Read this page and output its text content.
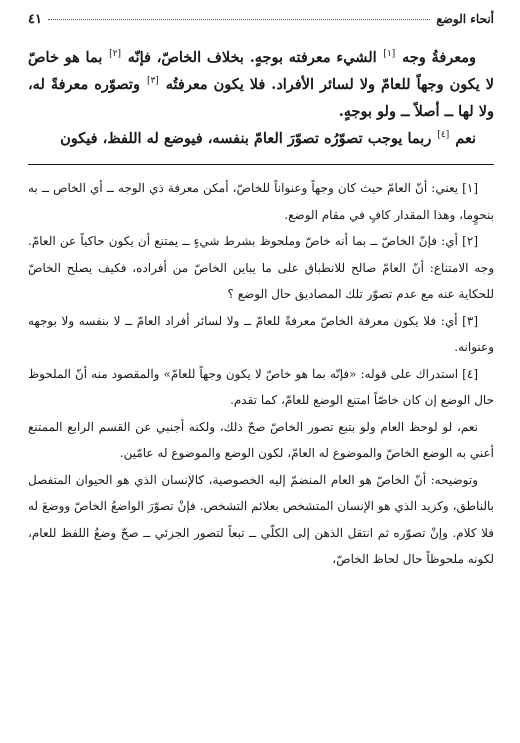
أنحاء الوضع
٤١

ومعرفةُ وجه [١] الشيء معرفته بوجهٍ. بخلاف الخاصّ، فإنّه [٢] بما هو خاصّ لا يكون وجهاً للعامّ ولا لسائر الأفراد. فلا يكون معرفتُه [٣] وتصوّره معرفةً له، ولا لها ــ أصلاً ــ ولو بوجهٍ.

نعم [٤] ربما يوجب تصوّرُه تصوّرَ العامّ بنفسه، فيوضع له اللفظ، فيكون

[١] يعني: أنّ العامّ حيث كان وجهاً وعنواناً للخاصّ، أمكن معرفة ذي الوجه ــ أي الخاص ــ به بنحوٍما، وهذا المقدار كافٍ في مقام الوضع.

[٢] أي: فإنّ الخاصّ ــ بما أنه خاصّ وملحوظ بشرط شيءٍ ــ يمتنع أن يكون حاكياً عن العامّ. وجه الامتناع: أنّ العامّ صالح للانطباق على ما يباين الخاصّ من أفراده، فكيف يصلح الخاصّ للحكاية عنه مع عدم تصوّر تلك المصاديق حال الوضع ؟

[٣] أي: فلا يكون معرفة الخاصّ معرفةً للعامّ ــ ولا لسائر أفراد العامّ ــ لا بنفسه ولا بوجهه وعنوانه.

[٤] استدراك على قوله: «فإنّه بما هو خاصّ لا يكون وجهاً للعامّ» والمقصود منه أنّ الملحوظ حال الوضع إن كان خاصّاً امتنع الوضع للعامّ، كما تقدم.

نعم، لو لوحظ العام ولو بتبع تصور الخاصّ صحّ ذلك، ولكنه أجنبي عن القسم الرابع الممتنع أعني به الوضع الخاصّ والموضوع له العامّ، لكون الوضع والموضوع له عامّين.

وتوضيحه: أنّ الخاصّ هو العام المنضمّ إليه الخصوصية، كالإنسان الذي هو الحيوان المتفصل بالناطق، وكزيد الذي هو الإنسان المتشخص بعلائم التشخص. فإنْ تصوّرَ الواضعُ الخاصّ ووضعَ له فلا كلام. وإنْ تصوّره ثم انتقل الذهن إلى الكلّي ــ تبعاً لتصور الجزئي ــ صحّ وضعُ اللفظ للعام، لكونه ملحوظاً حال لحاظ الخاصّ،
